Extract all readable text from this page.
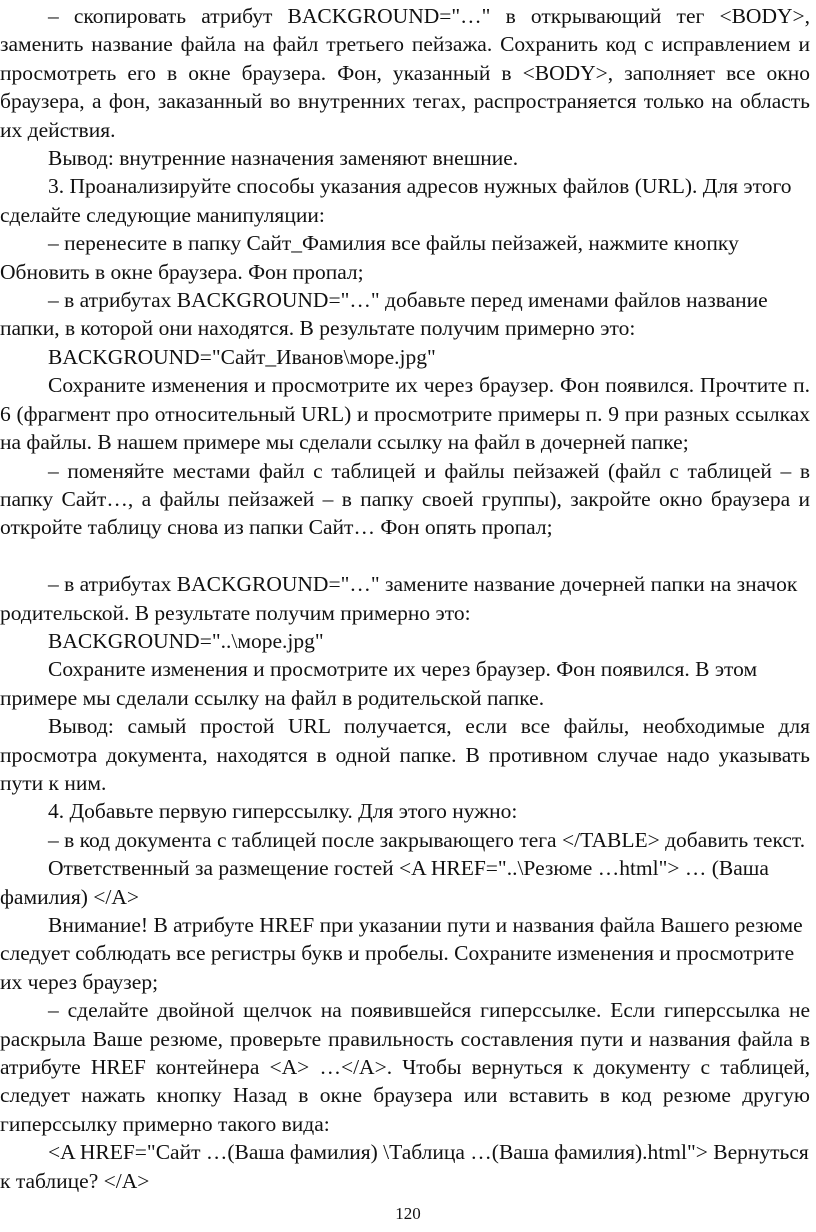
– скопировать атрибут BACKGROUND="…" в открывающий тег <BODY>, заменить название файла на файл третьего пейзажа. Сохранить код с исправлением и просмотреть его в окне браузера. Фон, указанный в <BODY>, заполняет все окно браузера, а фон, заказанный во внутренних тегах, распространяется только на область их действия.

Вывод: внутренние назначения заменяют внешние.

3. Проанализируйте способы указания адресов нужных файлов (URL). Для этого сделайте следующие манипуляции:

– перенесите в папку Сайт_Фамилия все файлы пейзажей, нажмите кнопку Обновить в окне браузера. Фон пропал;

– в атрибутах BACKGROUND="…" добавьте перед именами файлов название папки, в которой они находятся. В результате получим примерно это:

BACKGROUND="Сайт_Иванов\море.jpg"

Сохраните изменения и просмотрите их через браузер. Фон появился. Прочтите п. 6 (фрагмент про относительный URL) и просмотрите примеры п. 9 при разных ссылках на файлы. В нашем примере мы сделали ссылку на файл в дочерней папке;

– поменяйте местами файл с таблицей и файлы пейзажей (файл с таблицей – в папку Сайт…, а файлы пейзажей – в папку своей группы), закройте окно браузера и откройте таблицу снова из папки Сайт… Фон опять пропал;

– в атрибутах BACKGROUND="…" замените название дочерней папки на значок родительской. В результате получим примерно это:

BACKGROUND="..\море.jpg"

Сохраните изменения и просмотрите их через браузер. Фон появился. В этом примере мы сделали ссылку на файл в родительской папке.

Вывод: самый простой URL получается, если все файлы, необходимые для просмотра документа, находятся в одной папке. В противном случае надо указывать пути к ним.

4. Добавьте первую гиперссылку. Для этого нужно:

– в код документа с таблицей после закрывающего тега </TABLE> добавить текст.

Ответственный за размещение гостей <A HREF="..\Резюме …html"> … (Ваша фамилия) </A>

Внимание! В атрибуте HREF при указании пути и названия файла Вашего резюме следует соблюдать все регистры букв и пробелы. Сохраните изменения и просмотрите их через браузер;

– сделайте двойной щелчок на появившейся гиперссылке. Если гиперссылка не раскрыла Ваше резюме, проверьте правильность составления пути и названия файла в атрибуте HREF контейнера <A> …</A>. Чтобы вернуться к документу с таблицей, следует нажать кнопку Назад в окне браузера или вставить в код резюме другую гиперссылку примерно такого вида:

<A HREF="Сайт …(Ваша фамилия) \Таблица …(Ваша фамилия).html"> Вернуться к таблице? </A>

120
